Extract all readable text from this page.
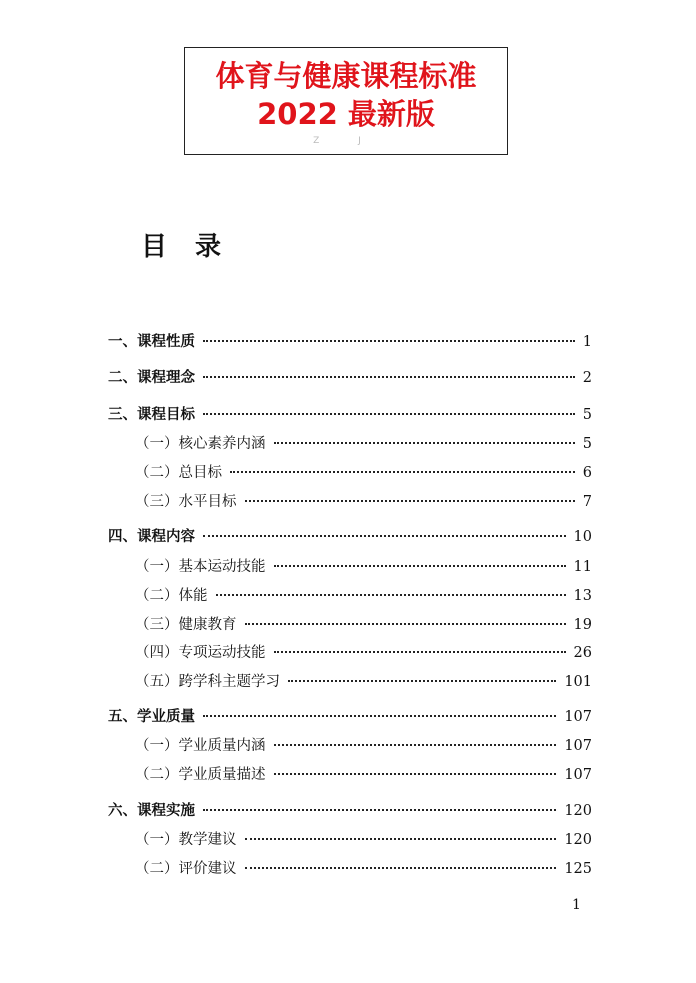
体育与健康课程标准
2022 最新版
Z J
目录
一、课程性质	1
二、课程理念	2
三、课程目标	5
（一）核心素养内涵	5
（二）总目标	6
（三）水平目标	7
四、课程内容	10
（一）基本运动技能	11
（二）体能	13
（三）健康教育	19
（四）专项运动技能	26
（五）跨学科主题学习	101
五、学业质量	107
（一）学业质量内涵	107
（二）学业质量描述	107
六、课程实施	120
（一）教学建议	120
（二）评价建议	125
1
